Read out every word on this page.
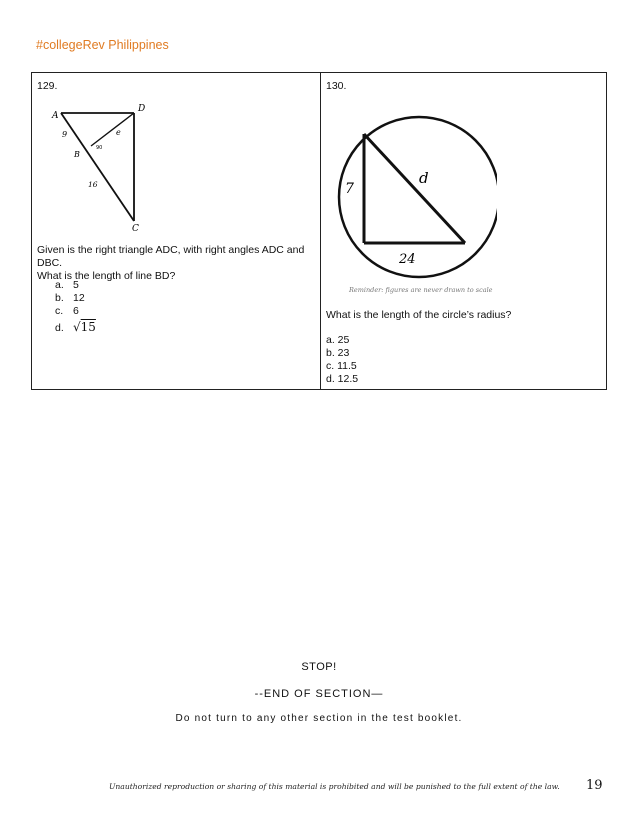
#collegeRev Philippines
129.
A
D
B
C
9	e
16
90
Given is the right triangle ADC, with right angles ADC and DBC.
What is the length of line BD?
a. 5
b. 12
c. 6
d. √15
130.
7
d
24
Reminder: figures are never drawn to scale
What is the length of the circle’s radius?
a. 25
b. 23
c. 11.5
d. 12.5
STOP!
--END OF SECTION—
Do not turn to any other section in the test booklet.
Unauthorized reproduction or sharing of this material is prohibited and will be punished to the full extent of the law. 19
